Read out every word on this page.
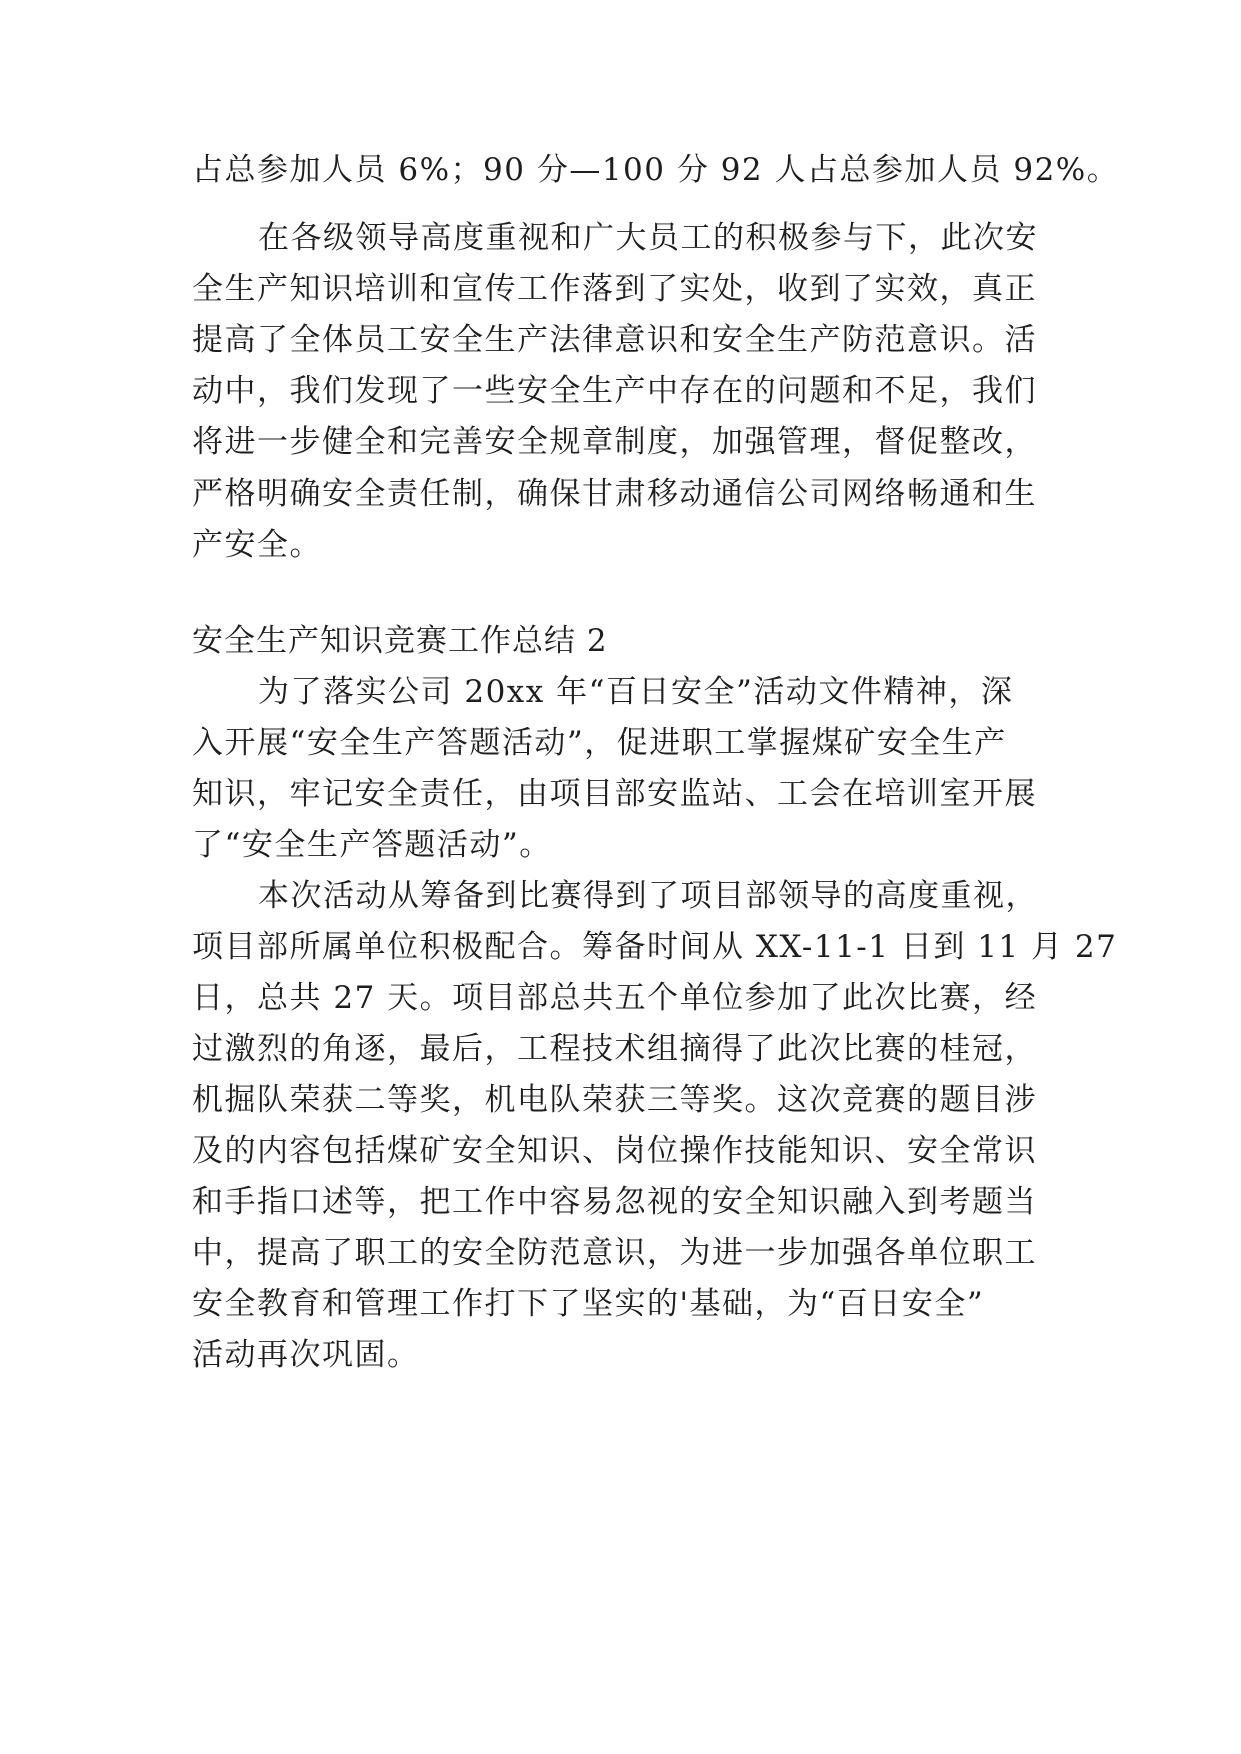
占总参加人员 6%；90 分—100 分 92 人占总参加人员 92%。
在各级领导高度重视和广大员工的积极参与下，此次安
全生产知识培训和宣传工作落到了实处，收到了实效，真正
提高了全体员工安全生产法律意识和安全生产防范意识。活
动中，我们发现了一些安全生产中存在的问题和不足，我们
将进一步健全和完善安全规章制度，加强管理，督促整改，
严格明确安全责任制，确保甘肃移动通信公司网络畅通和生
产安全。
安全生产知识竞赛工作总结 2
为了落实公司 20xx 年“百日安全”活动文件精神，深
入开展“安全生产答题活动”，促进职工掌握煤矿安全生产
知识，牢记安全责任，由项目部安监站、工会在培训室开展
了“安全生产答题活动”。
本次活动从筹备到比赛得到了项目部领导的高度重视，
项目部所属单位积极配合。筹备时间从 XX-11-1 日到 11 月 27
日，总共 27 天。项目部总共五个单位参加了此次比赛，经
过激烈的角逐，最后，工程技术组摘得了此次比赛的桂冠，
机掘队荣获二等奖，机电队荣获三等奖。这次竞赛的题目涉
及的内容包括煤矿安全知识、岗位操作技能知识、安全常识
和手指口述等，把工作中容易忽视的安全知识融入到考题当
中，提高了职工的安全防范意识，为进一步加强各单位职工
安全教育和管理工作打下了坚实的'基础，为“百日安全”
活动再次巩固。
